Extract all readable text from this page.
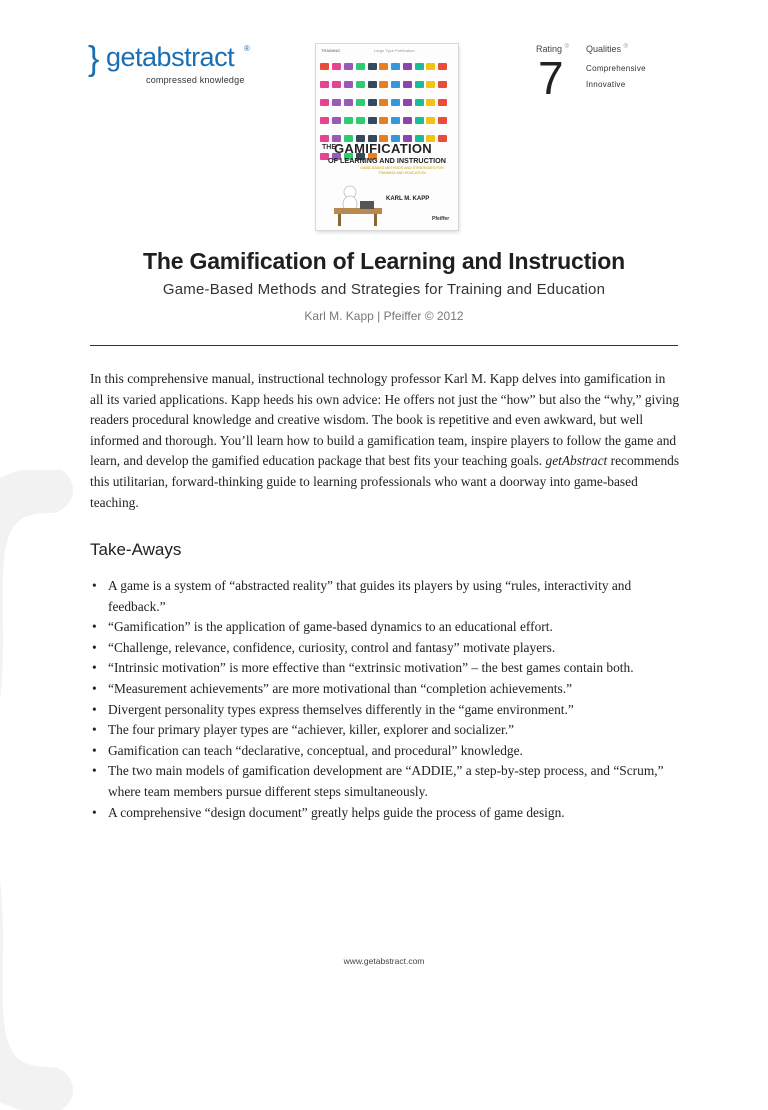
} getabstract ®
compressed knowledge
TRAINING	Large Type Publication
THE
GAMIFICATION
OF LEARNING AND INSTRUCTION
GAME-BASED METHODS AND STRATEGIES FOR TRAINING AND EDUCATION
KARL M. KAPP
Pfeiffer
Rating ®
7
Qualities ®
Comprehensive
Innovative
The Gamification of Learning and Instruction
Game-Based Methods and Strategies for Training and Education
Karl M. Kapp | Pfeiffer © 2012

In this comprehensive manual, instructional technology professor Karl M. Kapp delves into gamification in all its varied applications. Kapp heeds his own advice: He offers not just the “how” but also the “why,” giving readers procedural knowledge and creative wisdom. The book is repetitive and even awkward, but well informed and thorough. You’ll learn how to build a gamification team, inspire players to follow the game and learn, and develop the gamified education package that best fits your teaching goals. getAbstract recommends this utilitarian, forward-thinking guide to learning professionals who want a doorway into game-based teaching.

Take-Aways
• A game is a system of “abstracted reality” that guides its players by using “rules, interactivity and feedback.”
• “Gamification” is the application of game-based dynamics to an educational effort.
• “Challenge, relevance, confidence, curiosity, control and fantasy” motivate players.
• “Intrinsic motivation” is more effective than “extrinsic motivation” – the best games contain both.
• “Measurement achievements” are more motivational than “completion achievements.”
• Divergent personality types express themselves differently in the “game environment.”
• The four primary player types are “achiever, killer, explorer and socializer.”
• Gamification can teach “declarative, conceptual, and procedural” knowledge.
• The two main models of gamification development are “ADDIE,” a step-by-step process, and “Scrum,” where team members pursue different steps simultaneously.
• A comprehensive “design document” greatly helps guide the process of game design.
www.getabstract.com
